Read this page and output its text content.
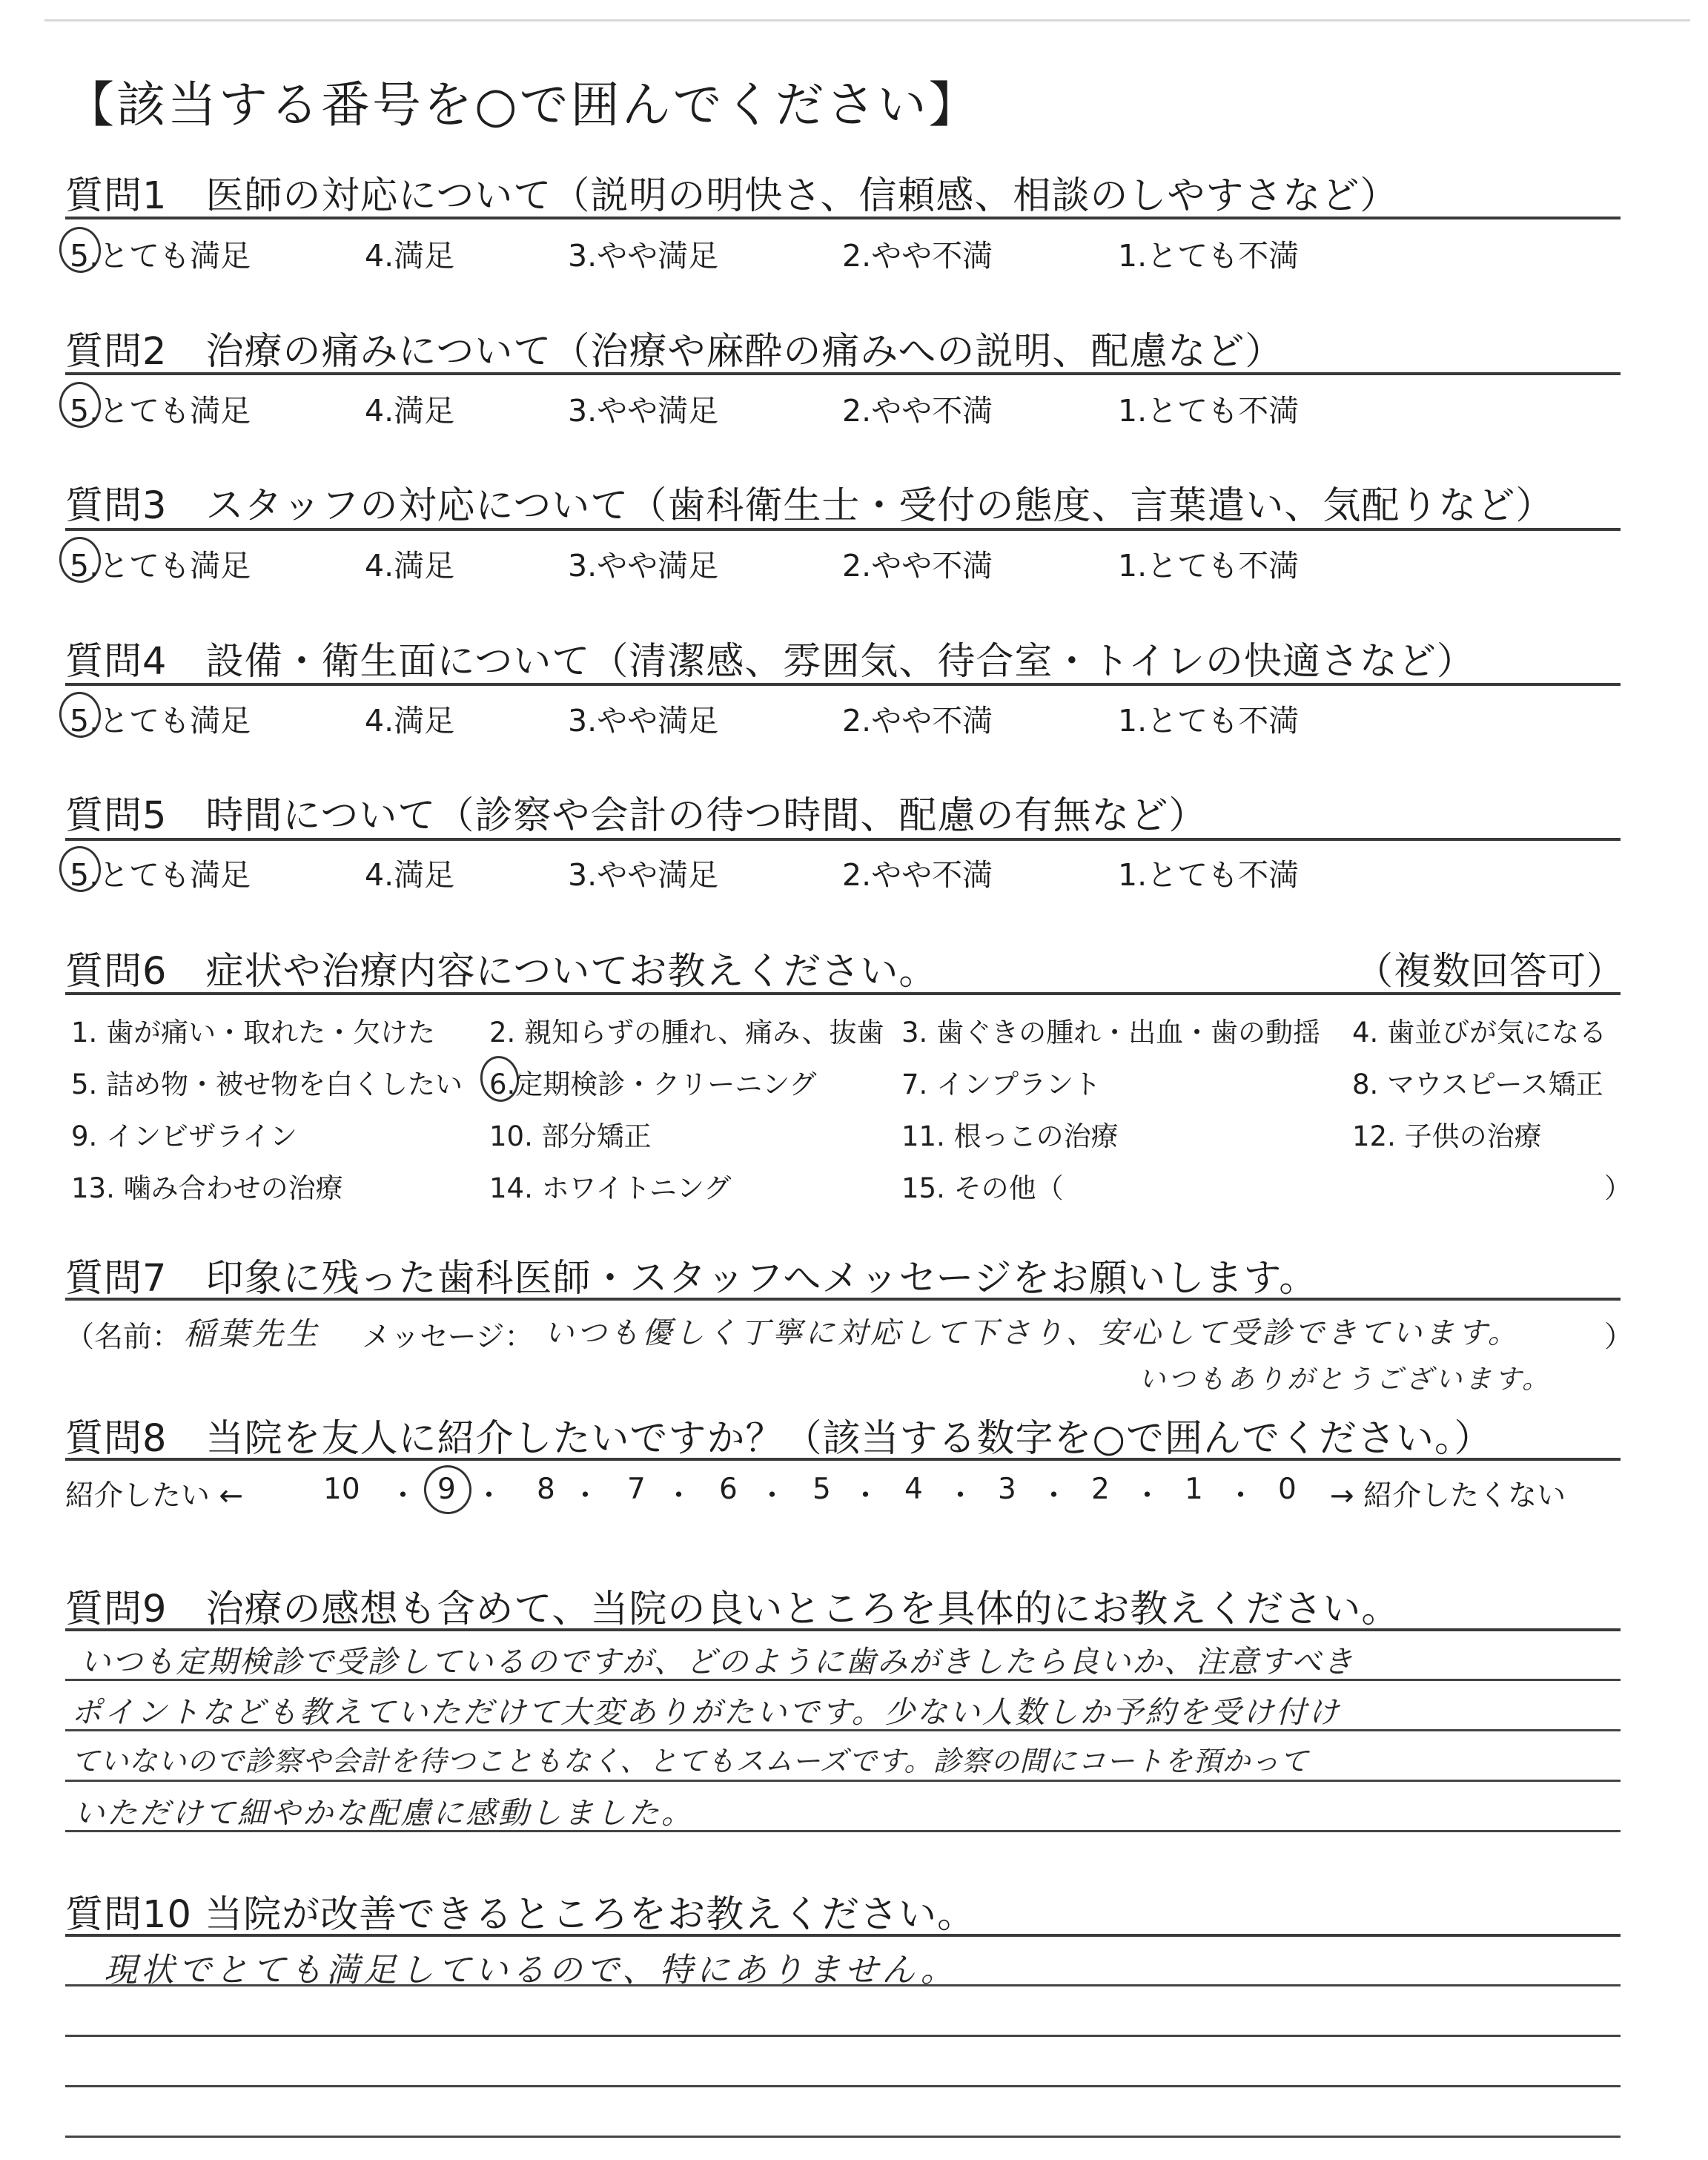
【該当する番号を○で囲んでください】
質問1　医師の対応について（説明の明快さ、信頼感、相談のしやすさなど）
5.とても満足	4.満足	3.やや満足	2.やや不満	1.とても不満
質問2　治療の痛みについて（治療や麻酔の痛みへの説明、配慮など）
5.とても満足	4.満足	3.やや満足	2.やや不満	1.とても不満
質問3　スタッフの対応について（歯科衛生士・受付の態度、言葉遣い、気配りなど）
5.とても満足	4.満足	3.やや満足	2.やや不満	1.とても不満
質問4　設備・衛生面について（清潔感、雰囲気、待合室・トイレの快適さなど）
5.とても満足	4.満足	3.やや満足	2.やや不満	1.とても不満
質問5　時間について（診察や会計の待つ時間、配慮の有無など）
5.とても満足	4.満足	3.やや満足	2.やや不満	1.とても不満
質問6　症状や治療内容についてお教えください。	（複数回答可）
1. 歯が痛い・取れた・欠けた 2. 親知らずの腫れ、痛み、抜歯 3. 歯ぐきの腫れ・出血・歯の動揺 4. 歯並びが気になる
5. 詰め物・被せ物を白くしたい 6.定期検診・クリーニング	7. インプラント	8. マウスピース矯正
9. インビザライン	10. 部分矯正	11. 根っこの治療	12. 子供の治療
13. 噛み合わせの治療	14. ホワイトニング	15. その他（	）
質問7　印象に残った歯科医師・スタッフへメッセージをお願いします。
（名前： 稲葉先生 メッセージ： いつも優しく丁寧に対応して下さり、安心して受診できています。	）
いつもありがとうございます。
質問8　当院を友人に紹介したいですか？（該当する数字を○で囲んでください。）
紹介したい ←	10 ・ 9 ・ 8 ・ 7 ・ 6 ・ 5 ・ 4 ・ 3 ・ 2 ・ 1 ・ 0 → 紹介したくない
質問9　治療の感想も含めて、当院の良いところを具体的にお教えください。
いつも定期検診で受診しているのですが、どのように歯みがきしたら良いか、注意すべき
ポイントなども教えていただけて大変ありがたいです。少ない人数しか予約を受け付け
ていないので診察や会計を待つこともなく、とてもスムーズです。診察の間にコートを預かって
いただけて細やかな配慮に感動しました。
質問10 当院が改善できるところをお教えください。
現状でとても満足しているので、特にありません。
